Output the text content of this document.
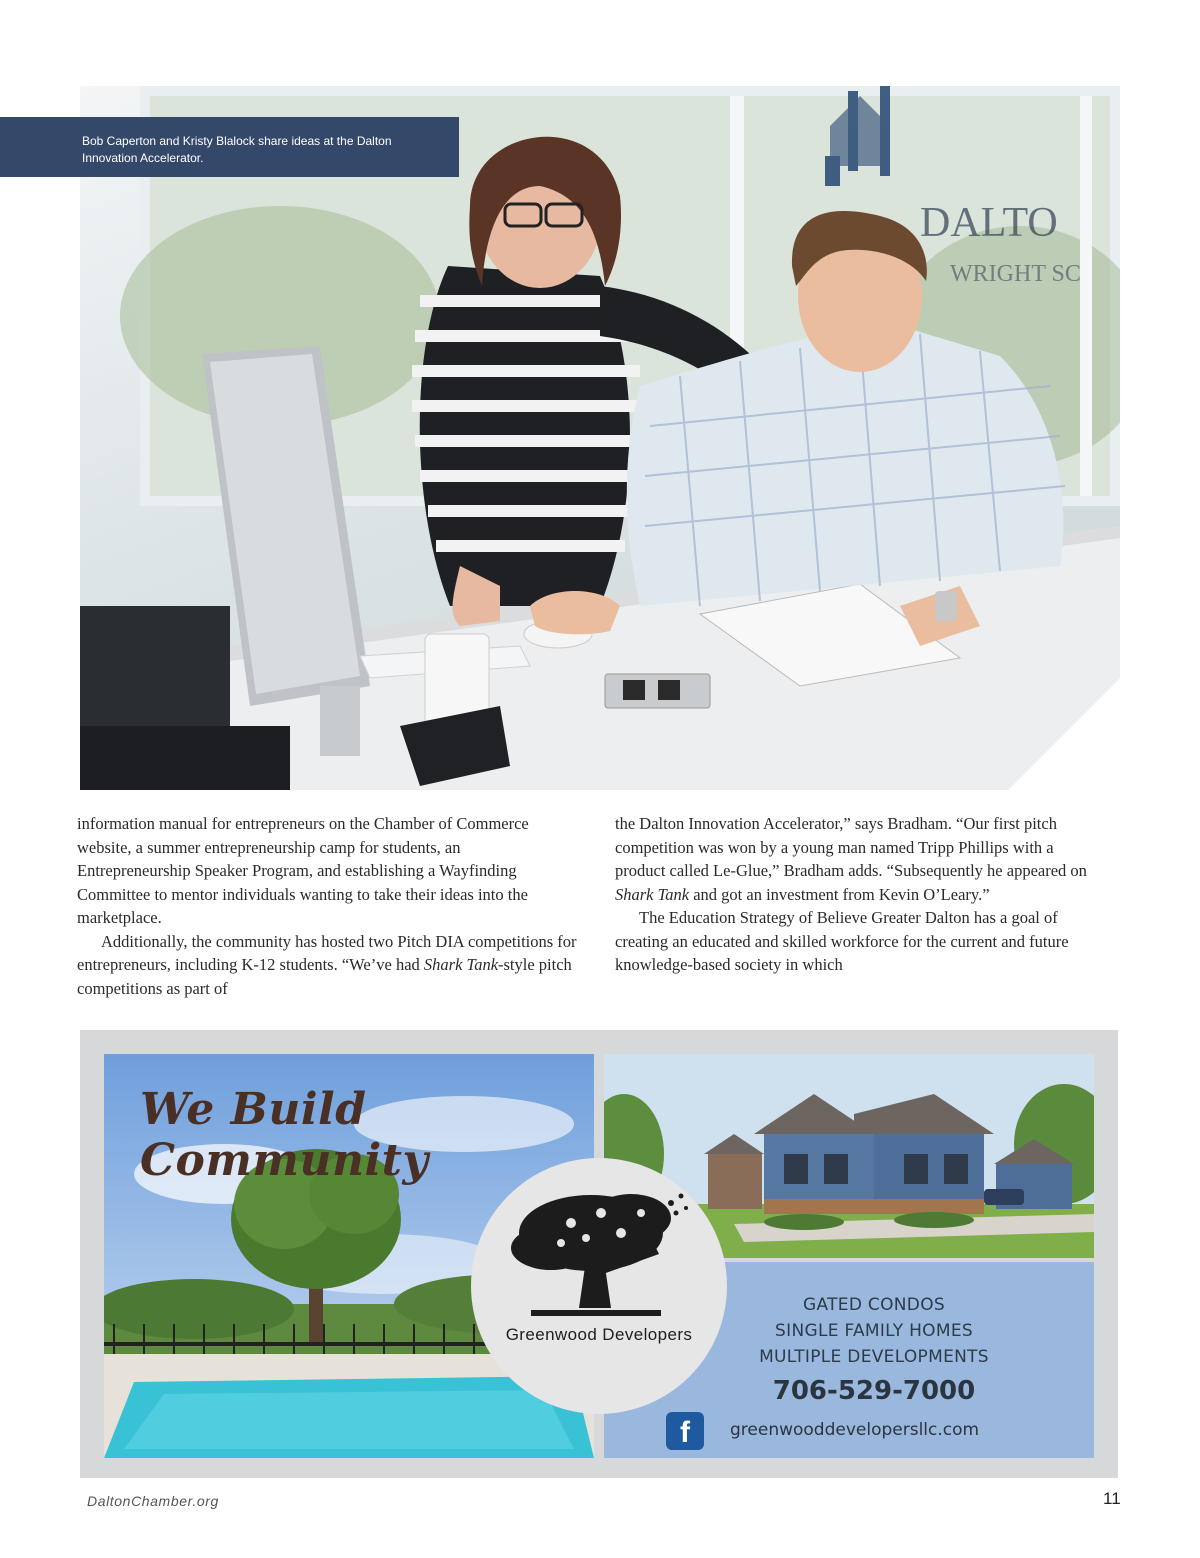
DALTO
WRIGHT SC
Bob Caperton and Kristy Blalock share ideas at the Dalton Innovation Accelerator.

information manual for entrepreneurs on the Chamber of Commerce website, a summer entrepreneurship camp for students, an Entrepreneurship Speaker Program, and establishing a Wayfinding Committee to mentor individuals wanting to take their ideas into the marketplace.

Additionally, the community has hosted two Pitch DIA competitions for entrepreneurs, including K-12 students. “We’ve had Shark Tank-style pitch competitions as part of

the Dalton Innovation Accelerator,” says Bradham. “Our first pitch competition was won by a young man named Tripp Phillips with a product called Le-Glue,” Bradham adds. “Subsequently he appeared on Shark Tank and got an investment from Kevin O’Leary.”

The Education Strategy of Believe Greater Dalton has a goal of creating an educated and skilled workforce for the current and future knowledge-based society in which

We Build Community
GATED CONDOS
SINGLE FAMILY HOMES
MULTIPLE DEVELOPMENTS
706-529-7000
f	greenwooddevelopersllc.com
Greenwood Developers
DaltonChamber.org	11
